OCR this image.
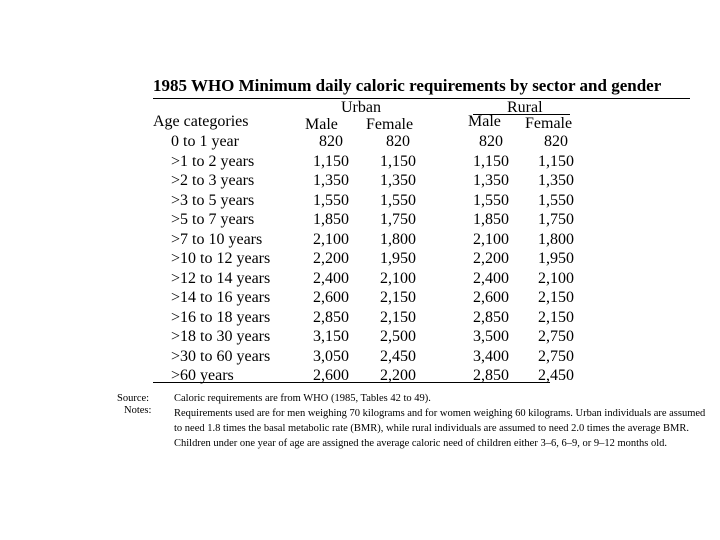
1985 WHO Minimum daily caloric requirements by sector and gender
Urban	Rural
Age categories	Male Female	Male Female
0 to 1 year	820	820	820	820
>1 to 2 years	1,150	1,150	1,150	1,150
>2 to 3 years	1,350	1,350	1,350	1,350
>3 to 5 years	1,550	1,550	1,550	1,550
>5 to 7 years	1,850	1,750	1,850	1,750
>7 to 10 years	2,100	1,800	2,100	1,800
>10 to 12 years	2,200	1,950	2,200	1,950
>12 to 14 years	2,400	2,100	2,400	2,100
>14 to 16 years	2,600	2,150	2,600	2,150
>16 to 18 years	2,850	2,150	2,850	2,150
>18 to 30 years	3,150	2,500	3,500	2,750
>30 to 60 years	3,050	2,450	3,400	2,750
>60 years	2,600	2,200	2,850	2,450
Source:
Notes:

Caloric requirements are from WHO (1985, Tables 42 to 49).

Requirements used are for men weighing 70 kilograms and for women weighing 60 kilograms. Urban individuals are assumed to need 1.8 times the basal metabolic rate (BMR), while rural individuals are assumed to need 2.0 times the average BMR. Children under one year of age are assigned the average caloric need of children either 3–6, 6–9, or 9–12 months old.
